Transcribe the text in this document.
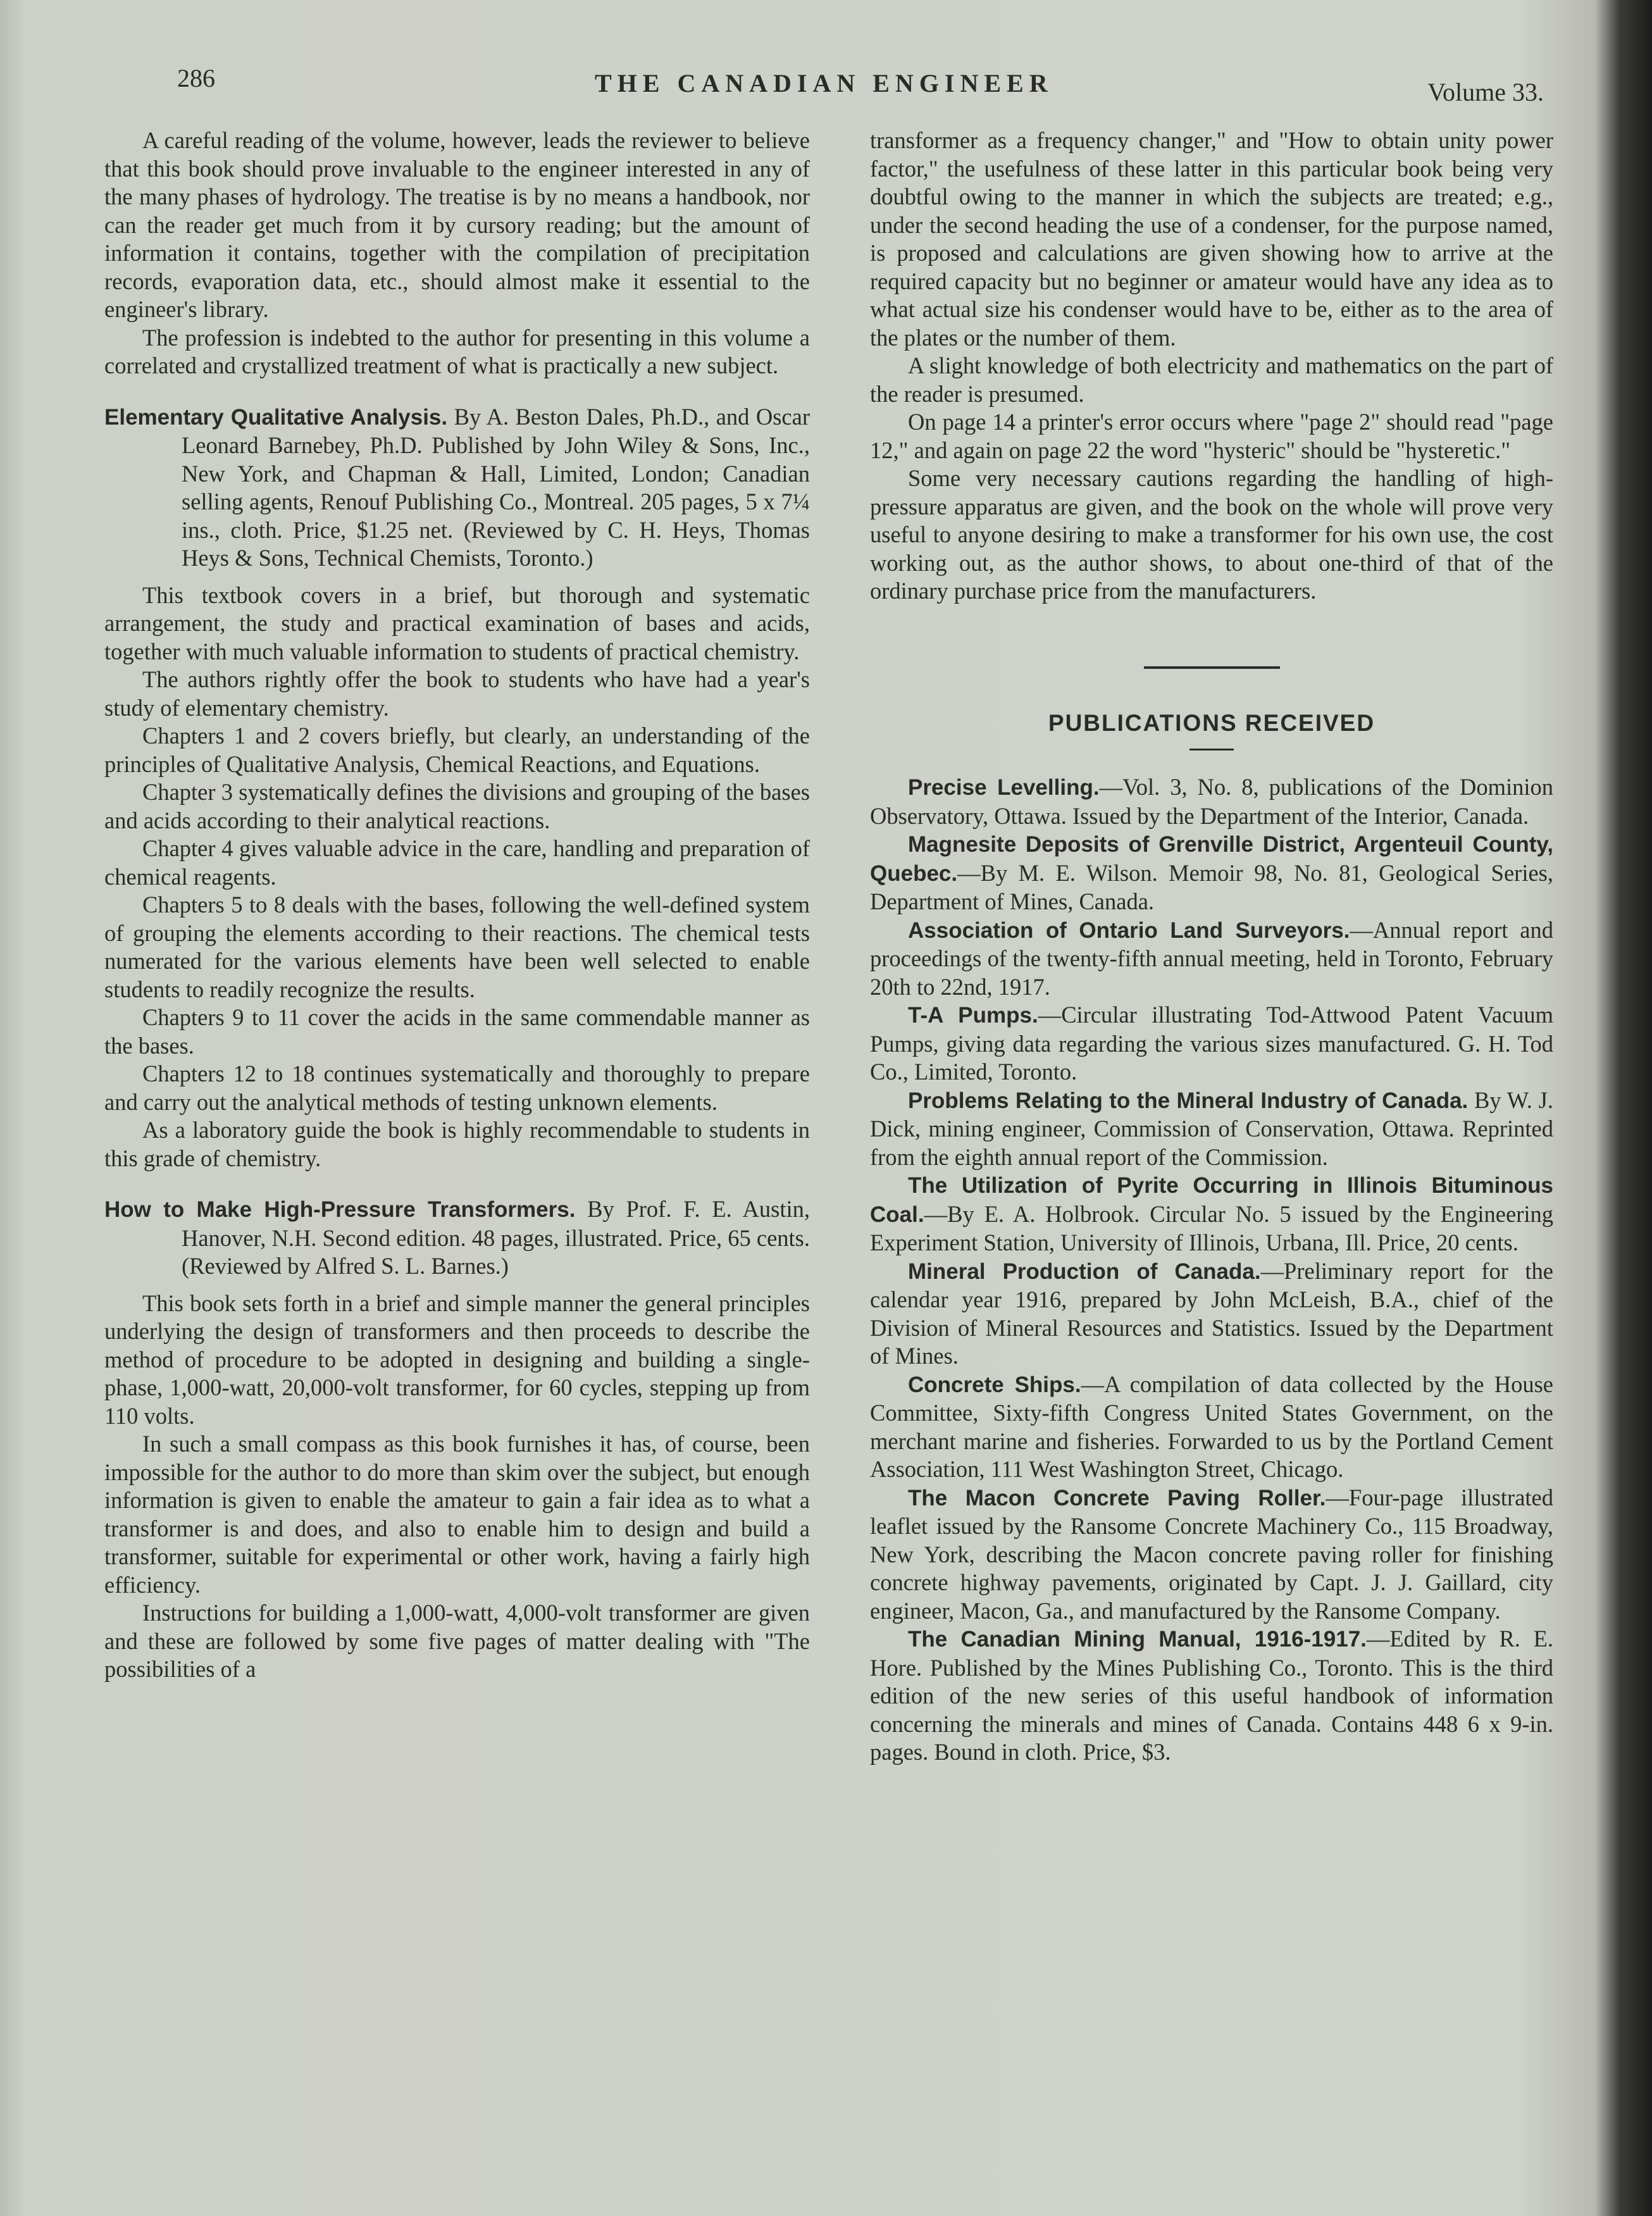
286	THE CANADIAN ENGINEER	Volume 33.

A careful reading of the volume, however, leads the reviewer to believe that this book should prove invaluable to the engineer interested in any of the many phases of hydrology. The treatise is by no means a handbook, nor can the reader get much from it by cursory reading; but the amount of information it contains, together with the compilation of precipitation records, evaporation data, etc., should almost make it essential to the engineer's library.

The profession is indebted to the author for presenting in this volume a correlated and crystallized treatment of what is practically a new subject.

Elementary Qualitative Analysis. By A. Beston Dales, Ph.D., and Oscar Leonard Barnebey, Ph.D. Published by John Wiley & Sons, Inc., New York, and Chapman & Hall, Limited, London; Canadian selling agents, Renouf Publishing Co., Montreal. 205 pages, 5 x 7¼ ins., cloth. Price, $1.25 net. (Reviewed by C. H. Heys, Thomas Heys & Sons, Technical Chemists, Toronto.)

This textbook covers in a brief, but thorough and systematic arrangement, the study and practical examination of bases and acids, together with much valuable information to students of practical chemistry.

The authors rightly offer the book to students who have had a year's study of elementary chemistry.

Chapters 1 and 2 covers briefly, but clearly, an understanding of the principles of Qualitative Analysis, Chemical Reactions, and Equations.

Chapter 3 systematically defines the divisions and grouping of the bases and acids according to their analytical reactions.

Chapter 4 gives valuable advice in the care, handling and preparation of chemical reagents.

Chapters 5 to 8 deals with the bases, following the well-defined system of grouping the elements according to their reactions. The chemical tests numerated for the various elements have been well selected to enable students to readily recognize the results.

Chapters 9 to 11 cover the acids in the same commendable manner as the bases.

Chapters 12 to 18 continues systematically and thoroughly to prepare and carry out the analytical methods of testing unknown elements.

As a laboratory guide the book is highly recommendable to students in this grade of chemistry.

How to Make High-Pressure Transformers. By Prof. F. E. Austin, Hanover, N.H. Second edition. 48 pages, illustrated. Price, 65 cents. (Reviewed by Alfred S. L. Barnes.)

This book sets forth in a brief and simple manner the general principles underlying the design of transformers and then proceeds to describe the method of procedure to be adopted in designing and building a single-phase, 1,000-watt, 20,000-volt transformer, for 60 cycles, stepping up from 110 volts.

In such a small compass as this book furnishes it has, of course, been impossible for the author to do more than skim over the subject, but enough information is given to enable the amateur to gain a fair idea as to what a transformer is and does, and also to enable him to design and build a transformer, suitable for experimental or other work, having a fairly high efficiency.

Instructions for building a 1,000-watt, 4,000-volt transformer are given and these are followed by some five pages of matter dealing with "The possibilities of a

transformer as a frequency changer," and "How to obtain unity power factor," the usefulness of these latter in this particular book being very doubtful owing to the manner in which the subjects are treated; e.g., under the second heading the use of a condenser, for the purpose named, is proposed and calculations are given showing how to arrive at the required capacity but no beginner or amateur would have any idea as to what actual size his condenser would have to be, either as to the area of the plates or the number of them.

A slight knowledge of both electricity and mathematics on the part of the reader is presumed.

On page 14 a printer's error occurs where "page 2" should read "page 12," and again on page 22 the word "hysteric" should be "hysteretic."

Some very necessary cautions regarding the handling of high-pressure apparatus are given, and the book on the whole will prove very useful to anyone desiring to make a transformer for his own use, the cost working out, as the author shows, to about one-third of that of the ordinary purchase price from the manufacturers.

PUBLICATIONS RECEIVED

Precise Levelling.—Vol. 3, No. 8, publications of the Dominion Observatory, Ottawa. Issued by the Department of the Interior, Canada.

Magnesite Deposits of Grenville District, Argenteuil County, Quebec.—By M. E. Wilson. Memoir 98, No. 81, Geological Series, Department of Mines, Canada.

Association of Ontario Land Surveyors.—Annual report and proceedings of the twenty-fifth annual meeting, held in Toronto, February 20th to 22nd, 1917.

T-A Pumps.—Circular illustrating Tod-Attwood Patent Vacuum Pumps, giving data regarding the various sizes manufactured. G. H. Tod Co., Limited, Toronto.

Problems Relating to the Mineral Industry of Canada. By W. J. Dick, mining engineer, Commission of Conservation, Ottawa. Reprinted from the eighth annual report of the Commission.

The Utilization of Pyrite Occurring in Illinois Bituminous Coal.—By E. A. Holbrook. Circular No. 5 issued by the Engineering Experiment Station, University of Illinois, Urbana, Ill. Price, 20 cents.

Mineral Production of Canada.—Preliminary report for the calendar year 1916, prepared by John McLeish, B.A., chief of the Division of Mineral Resources and Statistics. Issued by the Department of Mines.

Concrete Ships.—A compilation of data collected by the House Committee, Sixty-fifth Congress United States Government, on the merchant marine and fisheries. Forwarded to us by the Portland Cement Association, 111 West Washington Street, Chicago.

The Macon Concrete Paving Roller.—Four-page illustrated leaflet issued by the Ransome Concrete Machinery Co., 115 Broadway, New York, describing the Macon concrete paving roller for finishing concrete highway pavements, originated by Capt. J. J. Gaillard, city engineer, Macon, Ga., and manufactured by the Ransome Company.

The Canadian Mining Manual, 1916-1917.—Edited by R. E. Hore. Published by the Mines Publishing Co., Toronto. This is the third edition of the new series of this useful handbook of information concerning the minerals and mines of Canada. Contains 448 6 x 9-in. pages. Bound in cloth. Price, $3.
